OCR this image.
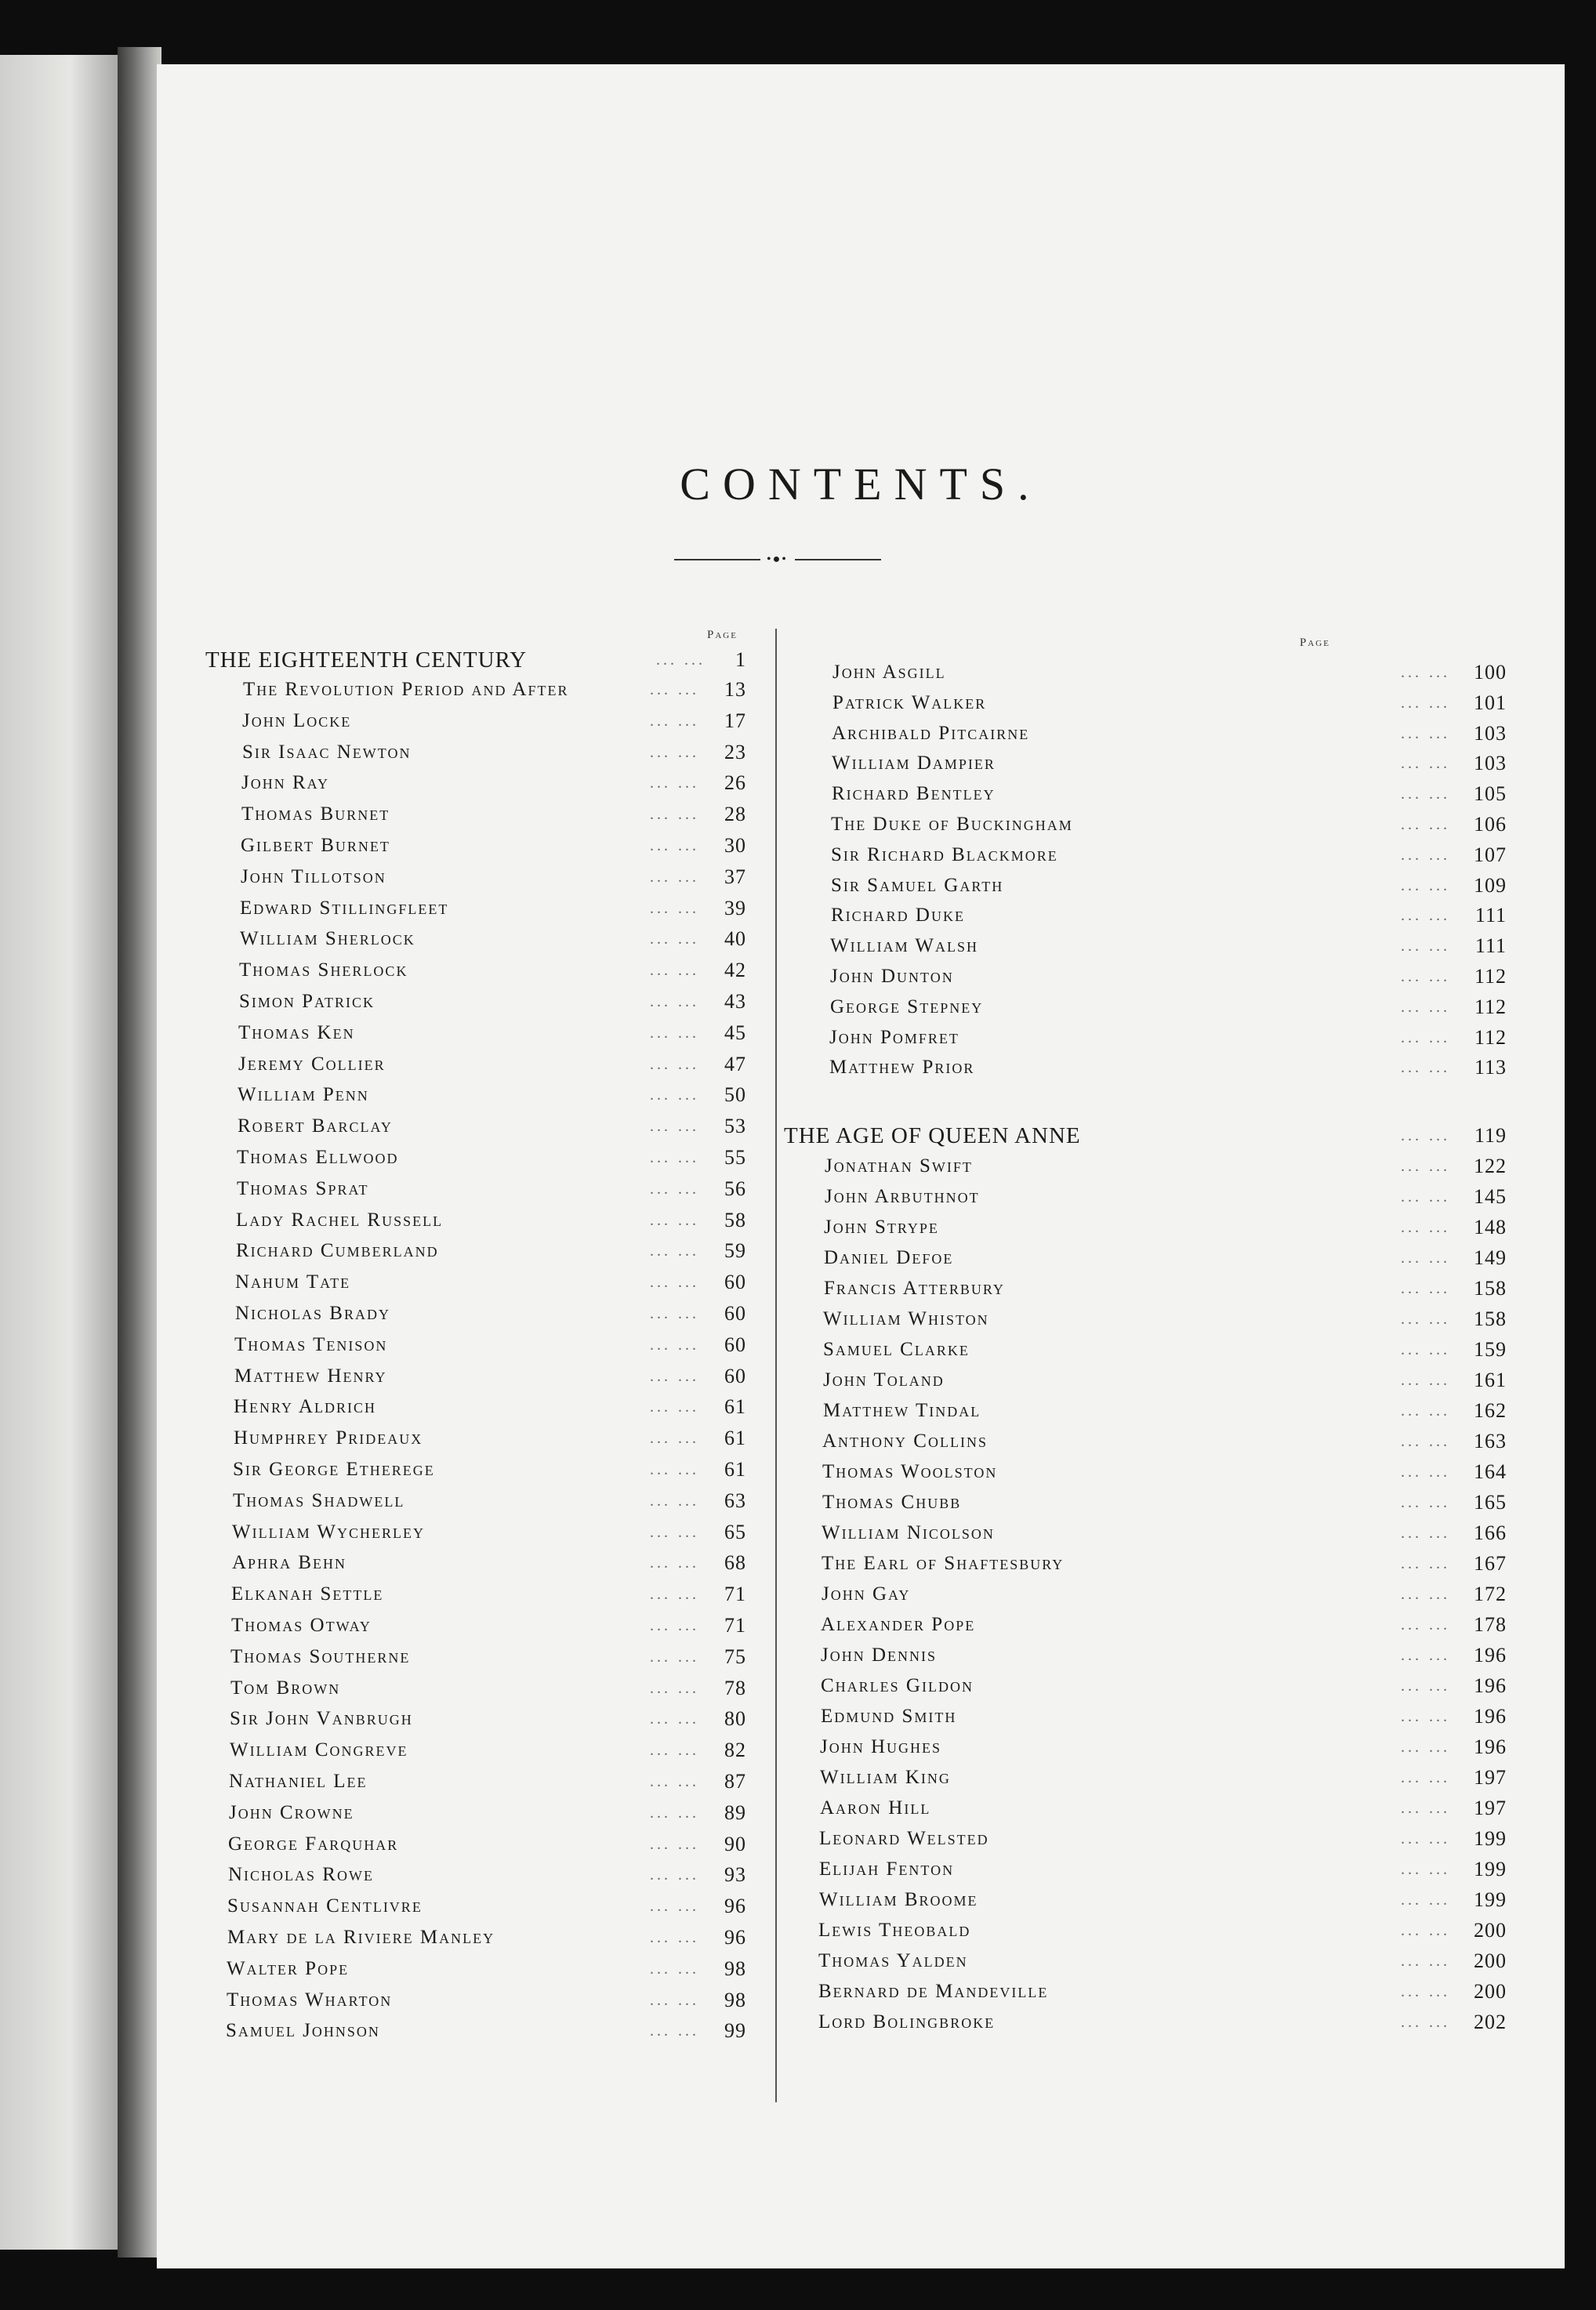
CONTENTS.
•●•
Page
Page
THE EIGHTEENTH CENTURY	... ...	1
The Revolution Period and After	... ...	13
John Locke	... ...	17
Sir Isaac Newton	... ...	23
John Ray	... ...	26
Thomas Burnet	... ...	28
Gilbert Burnet	... ...	30
John Tillotson	... ...	37
Edward Stillingfleet	... ...	39
William Sherlock	... ...	40
Thomas Sherlock	... ...	42
Simon Patrick	... ...	43
Thomas Ken	... ...	45
Jeremy Collier	... ...	47
William Penn	... ...	50
Robert Barclay	... ...	53
Thomas Ellwood	... ...	55
Thomas Sprat	... ...	56
Lady Rachel Russell	... ...	58
Richard Cumberland	... ...	59
Nahum Tate	... ...	60
Nicholas Brady	... ...	60
Thomas Tenison	... ...	60
Matthew Henry	... ...	60
Henry Aldrich	... ...	61
Humphrey Prideaux	... ...	61
Sir George Etherege	... ...	61
Thomas Shadwell	... ...	63
William Wycherley	... ...	65
Aphra Behn	... ...	68
Elkanah Settle	... ...	71
Thomas Otway	... ...	71
Thomas Southerne	... ...	75
Tom Brown	... ...	78
Sir John Vanbrugh	... ...	80
William Congreve	... ...	82
Nathaniel Lee	... ...	87
John Crowne	... ...	89
George Farquhar	... ...	90
Nicholas Rowe	... ...	93
Susannah Centlivre	... ...	96
Mary de la Riviere Manley	... ...	96
Walter Pope	... ...	98
Thomas Wharton	... ...	98
Samuel Johnson	... ...	99
John Asgill	... ...	100
Patrick Walker	... ...	101
Archibald Pitcairne	... ...	103
William Dampier	... ...	103
Richard Bentley	... ...	105
The Duke of Buckingham	... ...	106
Sir Richard Blackmore	... ...	107
Sir Samuel Garth	... ...	109
Richard Duke	... ...	111
William Walsh	... ...	111
John Dunton	... ...	112
George Stepney	... ...	112
John Pomfret	... ...	112
Matthew Prior	... ...	113
THE AGE OF QUEEN ANNE	... ...	119
Jonathan Swift	... ...	122
John Arbuthnot	... ...	145
John Strype	... ...	148
Daniel Defoe	... ...	149
Francis Atterbury	... ...	158
William Whiston	... ...	158
Samuel Clarke	... ...	159
John Toland	... ...	161
Matthew Tindal	... ...	162
Anthony Collins	... ...	163
Thomas Woolston	... ...	164
Thomas Chubb	... ...	165
William Nicolson	... ...	166
The Earl of Shaftesbury	... ...	167
John Gay	... ...	172
Alexander Pope	... ...	178
John Dennis	... ...	196
Charles Gildon	... ...	196
Edmund Smith	... ...	196
John Hughes	... ...	196
William King	... ...	197
Aaron Hill	... ...	197
Leonard Welsted	... ...	199
Elijah Fenton	... ...	199
William Broome	... ...	199
Lewis Theobald	... ...	200
Thomas Yalden	... ...	200
Bernard de Mandeville	... ...	200
Lord Bolingbroke	... ...	202
